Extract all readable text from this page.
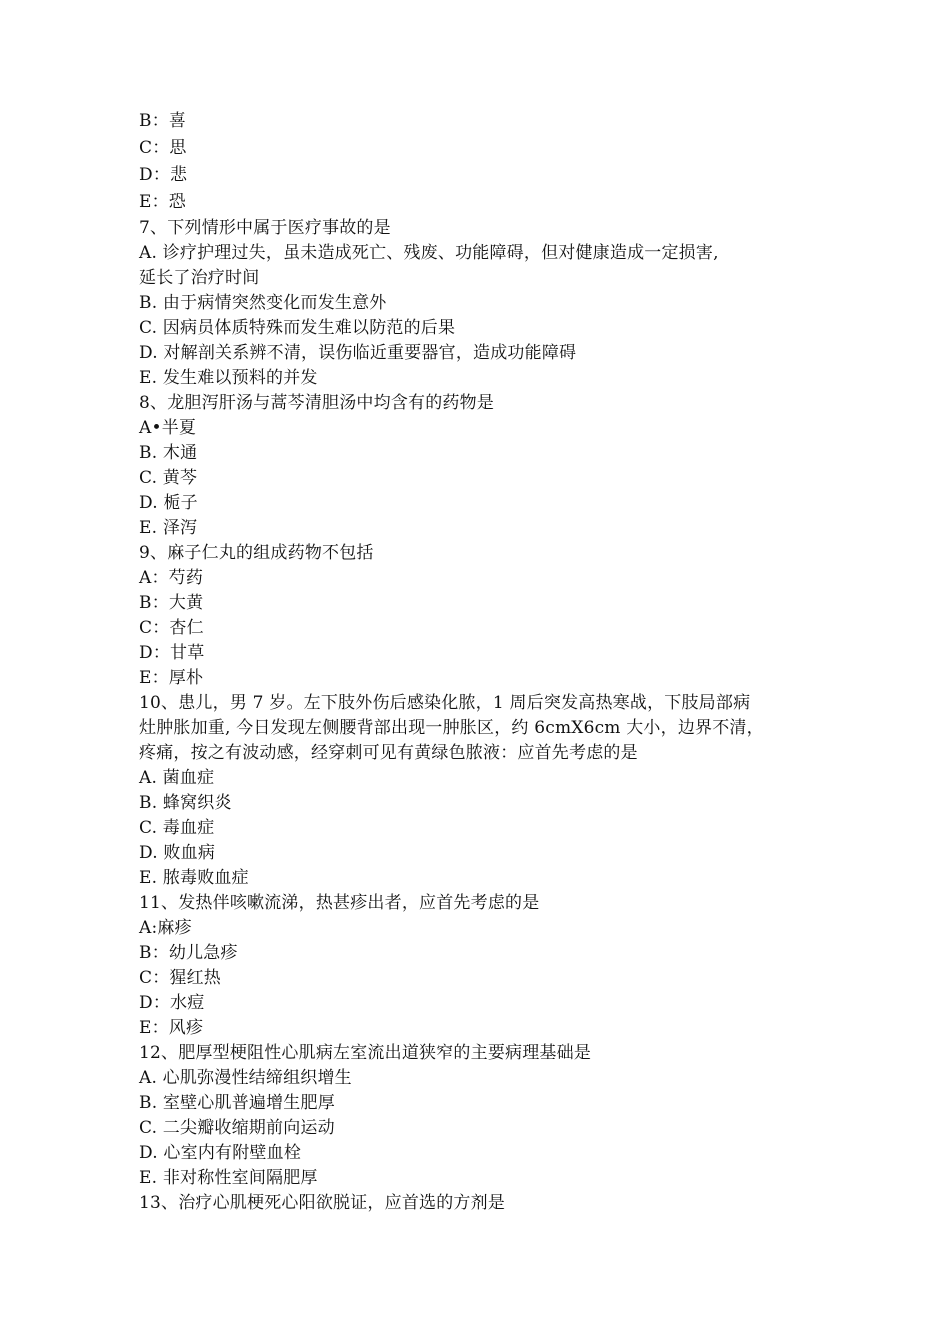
B：喜
C：思
D：悲
E：恐
7、下列情形中属于医疗事故的是
A. 诊疗护理过失，虽未造成死亡、残废、功能障碍，但对健康造成一定损害,
延长了治疗时间
B. 由于病情突然变化而发生意外
C. 因病员体质特殊而发生难以防范的后果
D. 对解剖关系辨不清，误伤临近重要器官，造成功能障碍
E. 发生难以预料的并发
8、龙胆泻肝汤与蒿芩清胆汤中均含有的药物是
A•半夏
B. 木通
C. 黄芩
D. 栀子
E. 泽泻
9、麻子仁丸的组成药物不包括
A：芍药
B：大黄
C：杏仁
D：甘草
E：厚朴
10、患儿，男 7 岁。左下肢外伤后感染化脓，1 周后突发高热寒战，下肢局部病
灶肿胀加重, 今日发现左侧腰背部出现一肿胀区，约 6cmX6cm 大小，边界不清，
疼痛，按之有波动感，经穿刺可见有黄绿色脓液：应首先考虑的是
A. 菌血症
B. 蜂窝织炎
C. 毒血症
D. 败血病
E. 脓毒败血症
11、发热伴咳嗽流涕，热甚疹出者，应首先考虑的是
A:麻疹
B：幼儿急疹
C：猩红热
D：水痘
E：风疹
12、肥厚型梗阻性心肌病左室流出道狭窄的主要病理基础是
A. 心肌弥漫性结缔组织增生
B. 室壁心肌普遍增生肥厚
C. 二尖瓣收缩期前向运动
D. 心室内有附壁血栓
E. 非对称性室间隔肥厚
13、治疗心肌梗死心阳欲脱证，应首选的方剂是
